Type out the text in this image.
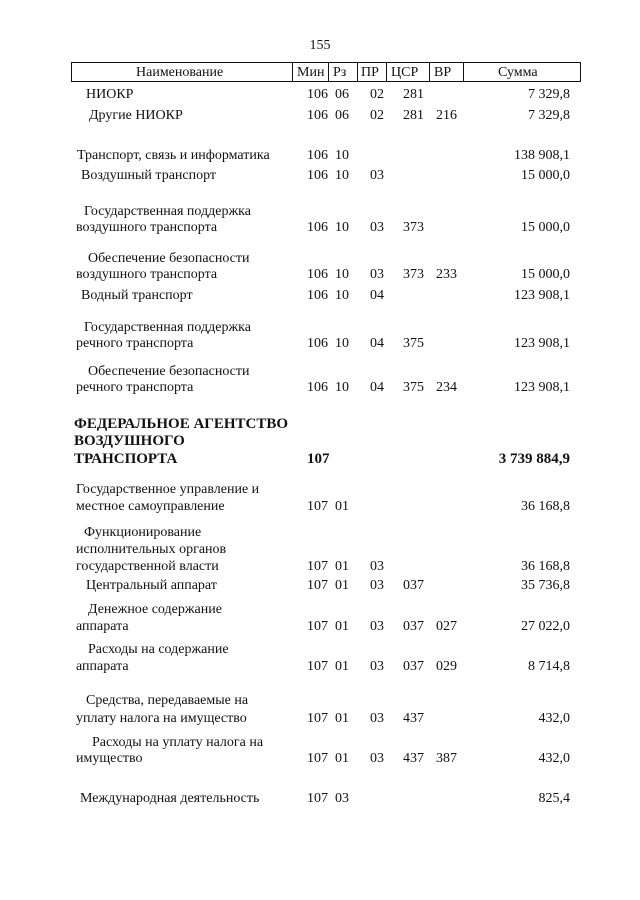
155
Наименование	Мин Рз ПР ЦСР ВР	Сумма
НИОКР	106 06 02 281	7 329,8
Другие НИОКР	106 06 02 281 216	7 329,8
Транспорт, связь и информатика	106 10	138 908,1
Воздушный транспорт	106 10 03	15 000,0
Государственная поддержка
воздушного транспорта	106 10 03 373	15 000,0
Обеспечение безопасности
воздушного транспорта	106 10 03 373 233	15 000,0
Водный транспорт	106 10 04	123 908,1
Государственная поддержка
речного транспорта	106 10 04 375	123 908,1
Обеспечение безопасности
речного транспорта	106 10 04 375 234	123 908,1
ФЕДЕРАЛЬНОЕ АГЕНТСТВО
ВОЗДУШНОГО
ТРАНСПОРТА	107	3 739 884,9
Государственное управление и
местное самоуправление	107 01	36 168,8
Функционирование
исполнительных органов
государственной власти	107 01 03	36 168,8
Центральный аппарат	107 01 03 037	35 736,8
Денежное содержание
аппарата	107 01 03 037 027	27 022,0
Расходы на содержание
аппарата	107 01 03 037 029	8 714,8
Средства, передаваемые на
уплату налога на имущество	107 01 03 437	432,0
Расходы на уплату налога на
имущество	107 01 03 437 387	432,0
Международная деятельность	107 03	825,4
